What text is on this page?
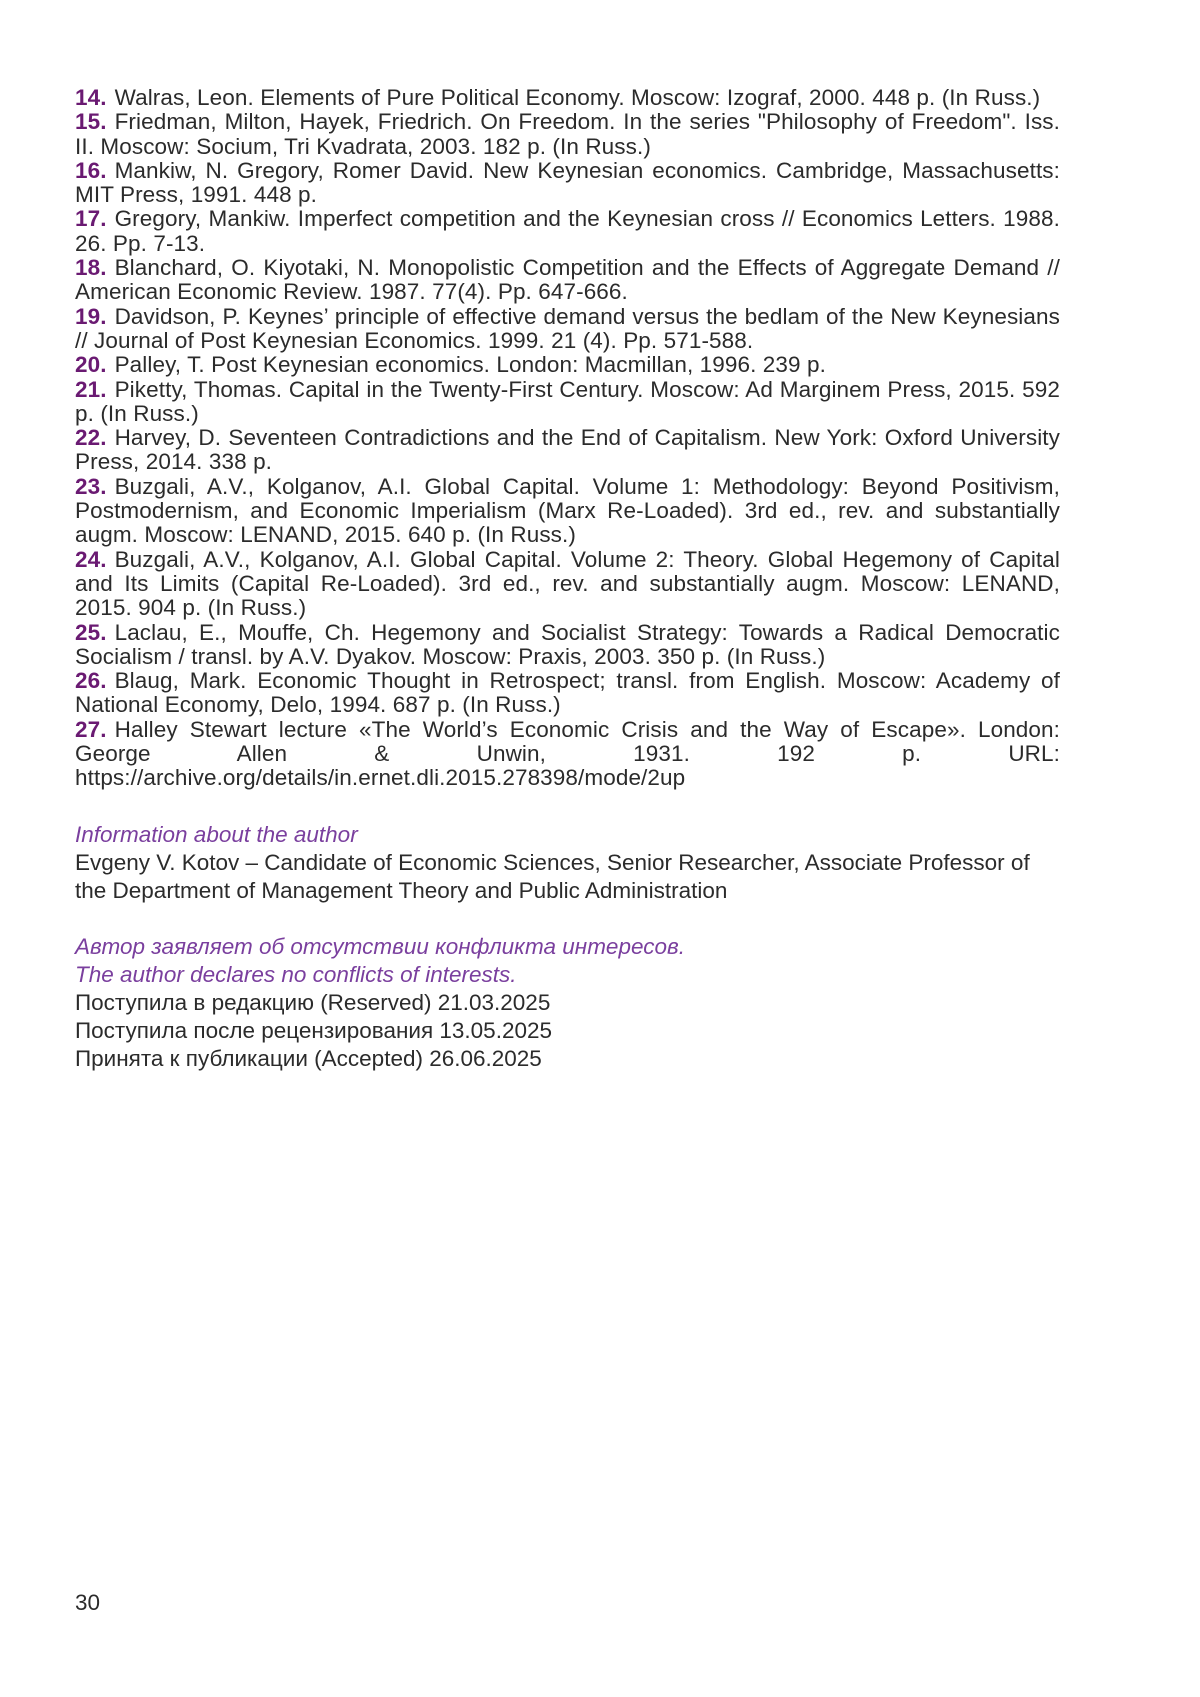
14. Walras, Leon. Elements of Pure Political Economy. Moscow: Izograf, 2000. 448 p. (In Russ.)

15. Friedman, Milton, Hayek, Friedrich. On Freedom. In the series "Philosophy of Freedom". Iss. II. Moscow: Socium, Tri Kvadrata, 2003. 182 p. (In Russ.)

16. Mankiw, N. Gregory, Romer David. New Keynesian economics. Cambridge, Massachusetts: MIT Press, 1991. 448 p.

17. Gregory, Mankiw. Imperfect competition and the Keynesian cross // Economics Letters. 1988. 26. Pp. 7-13.

18. Blanchard, O. Kiyotaki, N. Monopolistic Competition and the Effects of Aggregate Demand // American Economic Review. 1987. 77(4). Pp. 647-666.

19. Davidson, P. Keynes’ principle of effective demand versus the bedlam of the New Keynesians // Journal of Post Keynesian Economics. 1999. 21 (4). Pp. 571-588.

20. Palley, T. Post Keynesian economics. London: Macmillan, 1996. 239 p.

21. Piketty, Thomas. Capital in the Twenty-First Century. Moscow: Ad Marginem Press, 2015. 592 p. (In Russ.)

22. Harvey, D. Seventeen Contradictions and the End of Capitalism. New York: Oxford University Press, 2014. 338 p.

23. Buzgali, A.V., Kolganov, A.I. Global Capital. Volume 1: Methodology: Beyond Positivism, Postmodernism, and Economic Imperialism (Marx Re-Loaded). 3rd ed., rev. and substantially augm. Moscow: LENAND, 2015. 640 p. (In Russ.)

24. Buzgali, A.V., Kolganov, A.I. Global Capital. Volume 2: Theory. Global Hegemony of Capital and Its Limits (Capital Re-Loaded). 3rd ed., rev. and substantially augm. Moscow: LENAND, 2015. 904 p. (In Russ.)

25. Laclau, E., Mouffe, Ch. Hegemony and Socialist Strategy: Towards a Radical Democratic Socialism / transl. by A.V. Dyakov. Moscow: Praxis, 2003. 350 p. (In Russ.)

26. Blaug, Mark. Economic Thought in Retrospect; transl. from English. Moscow: Academy of National Economy, Delo, 1994. 687 p. (In Russ.)

27. Halley Stewart lecture «The World’s Economic Crisis and the Way of Escape». London: George Allen & Unwin, 1931. 192 p. URL: https://archive.org/details/in.ernet.dli.2015.278398/mode/2up

Information about the author
Evgeny V. Kotov – Candidate of Economic Sciences, Senior Researcher, Associate Professor of the Department of Management Theory and Public Administration
Автор заявляет об отсутствии конфликта интересов.
The author declares no conflicts of interests.
Поступила в редакцию (Reserved) 21.03.2025
Поступила после рецензирования 13.05.2025
Принята к публикации (Accepted) 26.06.2025
30
